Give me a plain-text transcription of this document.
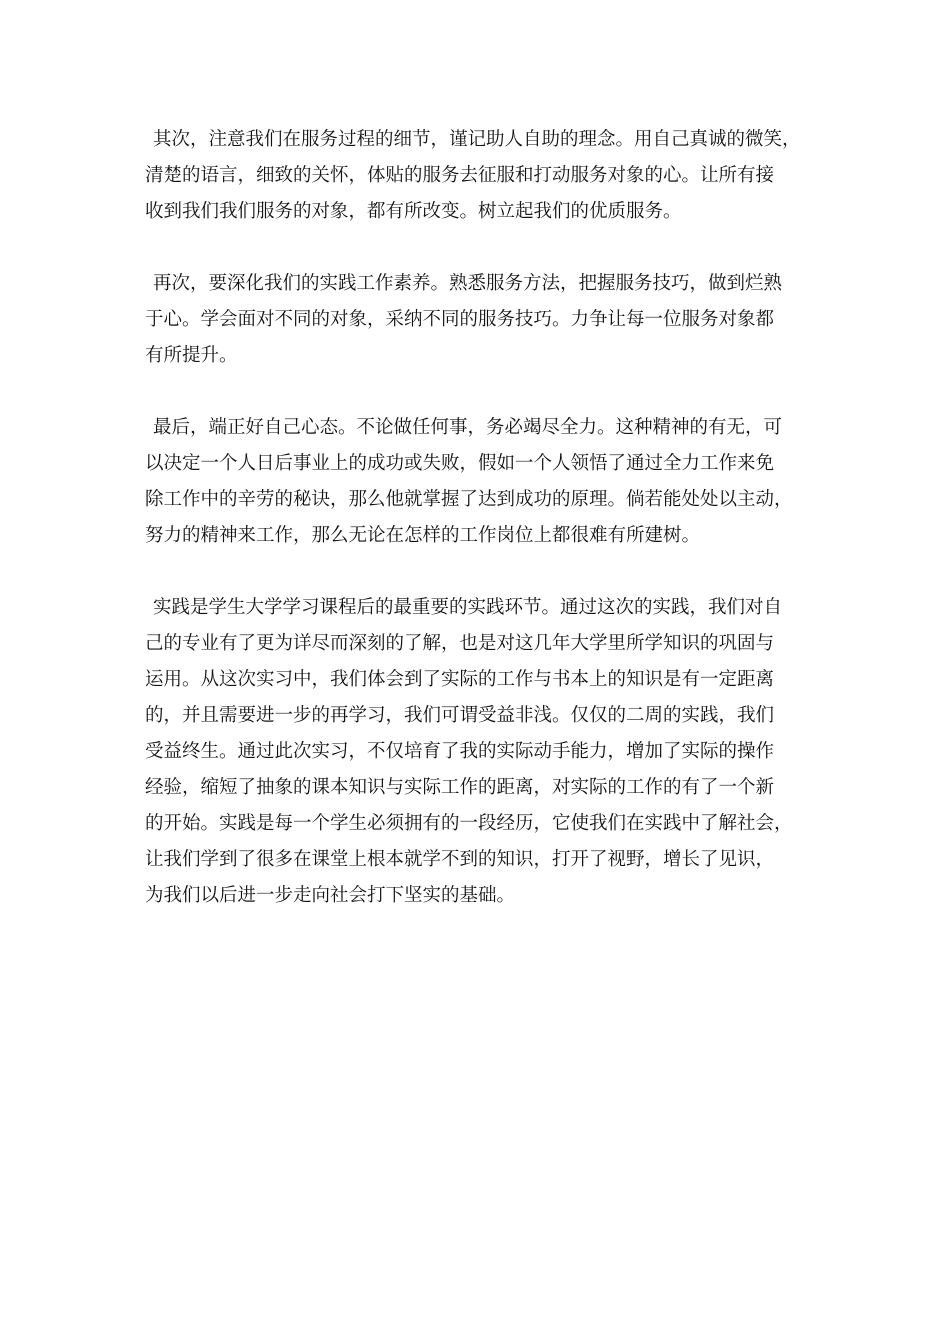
其次，注意我们在服务过程的细节，谨记助人自助的理念。用自己真诚的微笑，
清楚的语言，细致的关怀，体贴的服务去征服和打动服务对象的心。让所有接
收到我们我们服务的对象，都有所改变。树立起我们的优质服务。
再次，要深化我们的实践工作素养。熟悉服务方法，把握服务技巧，做到烂熟
于心。学会面对不同的对象，采纳不同的服务技巧。力争让每一位服务对象都
有所提升。
最后，端正好自己心态。不论做任何事，务必竭尽全力。这种精神的有无，可
以决定一个人日后事业上的成功或失败，假如一个人领悟了通过全力工作来免
除工作中的辛劳的秘诀，那么他就掌握了达到成功的原理。倘若能处处以主动，
努力的精神来工作，那么无论在怎样的工作岗位上都很难有所建树。
实践是学生大学学习课程后的最重要的实践环节。通过这次的实践，我们对自
己的专业有了更为详尽而深刻的了解，也是对这几年大学里所学知识的巩固与
运用。从这次实习中，我们体会到了实际的工作与书本上的知识是有一定距离
的，并且需要进一步的再学习，我们可谓受益非浅。仅仅的二周的实践，我们
受益终生。通过此次实习，不仅培育了我的实际动手能力，增加了实际的操作
经验，缩短了抽象的课本知识与实际工作的距离，对实际的工作的有了一个新
的开始。实践是每一个学生必须拥有的一段经历，它使我们在实践中了解社会，
让我们学到了很多在课堂上根本就学不到的知识，打开了视野，增长了见识，
为我们以后进一步走向社会打下坚实的基础。
